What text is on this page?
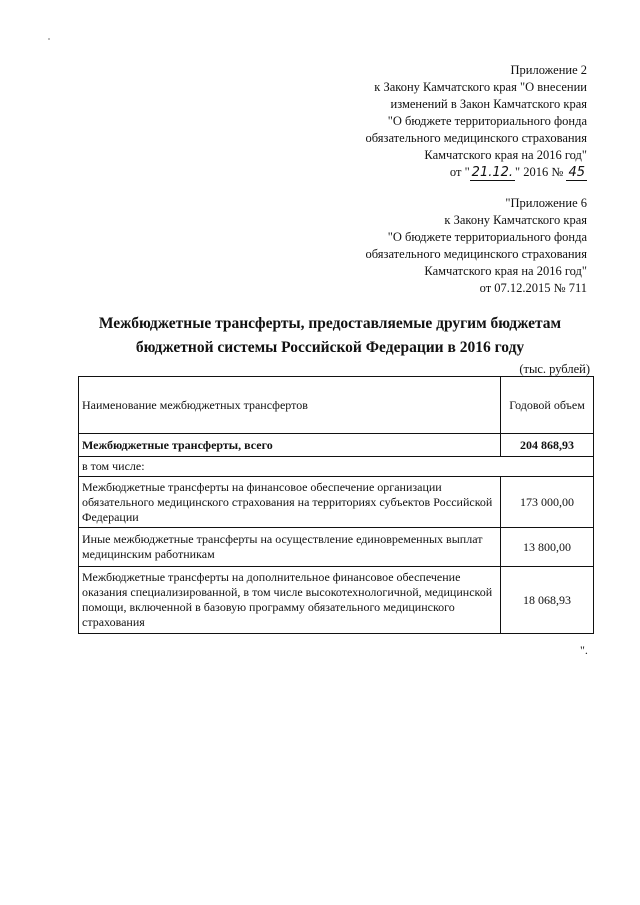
Приложение 2
к Закону Камчатского края "О внесении
изменений в Закон Камчатского края
"О бюджете территориального фонда
обязательного медицинского страхования
Камчатского края на 2016 год"
от " 21.12. " 2016 № 45
"Приложение 6
к Закону Камчатского края
"О бюджете территориального фонда
обязательного медицинского страхования
Камчатского края на 2016 год"
от 07.12.2015 № 711
Межбюджетные трансферты, предоставляемые другим бюджетам
бюджетной системы Российской Федерации в 2016 году
(тыс. рублей)
Наименование межбюджетных трансфертов	Годовой объем
Межбюджетные трансферты, всего	204 868,93
в том числе:	
Межбюджетные трансферты на финансовое обеспечение организации обязательного медицинского страхования на территориях субъектов Российской Федерации	173 000,00
Иные межбюджетные трансферты на осуществление единовременных выплат медицинским работникам	13 800,00
Межбюджетные трансферты на дополнительное финансовое обеспечение оказания специализированной, в том числе высокотехнологичной, медицинской помощи, включенной в базовую программу обязательного медицинского страхования	18 068,93
".
